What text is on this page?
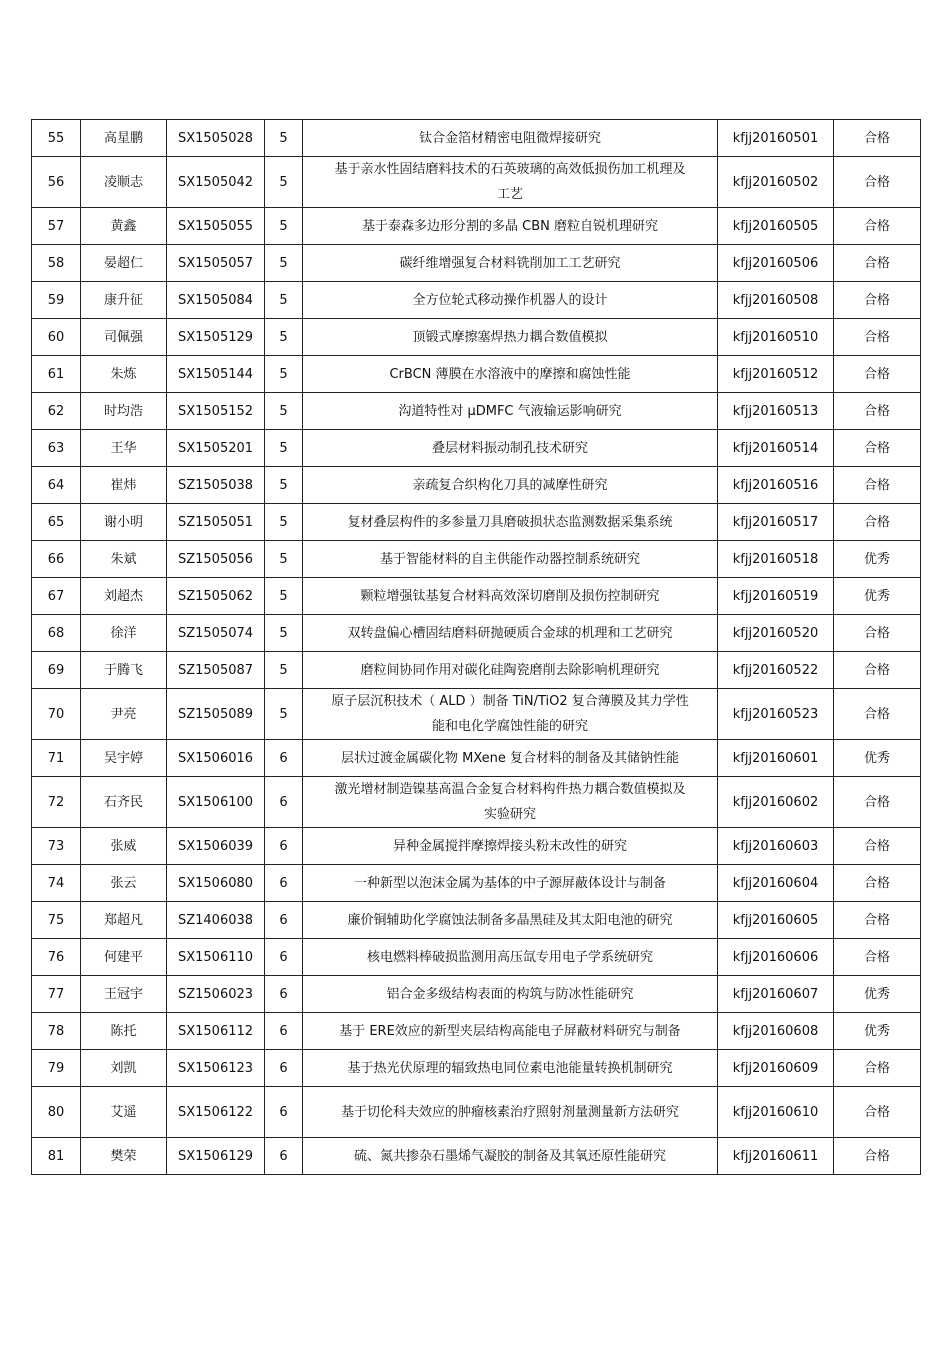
55	高星鹏	SX1505028	5	钛合金箔材精密电阻微焊接研究	kfjj20160501	合格
56	凌顺志	SX1505042	5	基于亲水性固结磨料技术的石英玻璃的高效低损伤加工机理及工艺	kfjj20160502	合格
57	黄鑫	SX1505055	5	基于泰森多边形分割的多晶 CBN 磨粒自锐机理研究	kfjj20160505	合格
58	晏超仁	SX1505057	5	碳纤维增强复合材料铣削加工工艺研究	kfjj20160506	合格
59	康升征	SX1505084	5	全方位轮式移动操作机器人的设计	kfjj20160508	合格
60	司佩强	SX1505129	5	顶锻式摩擦塞焊热力耦合数值模拟	kfjj20160510	合格
61	朱炼	SX1505144	5	CrBCN 薄膜在水溶液中的摩擦和腐蚀性能	kfjj20160512	合格
62	时均浩	SX1505152	5	沟道特性对 μDMFC 气液输运影响研究	kfjj20160513	合格
63	王华	SX1505201	5	叠层材料振动制孔技术研究	kfjj20160514	合格
64	崔炜	SZ1505038	5	亲疏复合织构化刀具的减摩性研究	kfjj20160516	合格
65	谢小明	SZ1505051	5	复材叠层构件的多参量刀具磨破损状态监测数据采集系统	kfjj20160517	合格
66	朱斌	SZ1505056	5	基于智能材料的自主供能作动器控制系统研究	kfjj20160518	优秀
67	刘超杰	SZ1505062	5	颗粒增强钛基复合材料高效深切磨削及损伤控制研究	kfjj20160519	优秀
68	徐洋	SZ1505074	5	双转盘偏心槽固结磨料研抛硬质合金球的机理和工艺研究	kfjj20160520	合格
69	于腾飞	SZ1505087	5	磨粒间协同作用对碳化硅陶瓷磨削去除影响机理研究	kfjj20160522	合格
70	尹亮	SZ1505089	5	原子层沉积技术（ ALD ）制备 TiN/TiO2 复合薄膜及其力学性能和电化学腐蚀性能的研究	kfjj20160523	合格
71	吴宇婷	SX1506016	6	层状过渡金属碳化物 MXene 复合材料的制备及其储钠性能	kfjj20160601	优秀
72	石齐民	SX1506100	6	激光增材制造镍基高温合金复合材料构件热力耦合数值模拟及实验研究	kfjj20160602	合格
73	张威	SX1506039	6	异种金属搅拌摩擦焊接头粉末改性的研究	kfjj20160603	合格
74	张云	SX1506080	6	一种新型以泡沫金属为基体的中子源屏蔽体设计与制备	kfjj20160604	合格
75	郑超凡	SZ1406038	6	廉价铜辅助化学腐蚀法制备多晶黑硅及其太阳电池的研究	kfjj20160605	合格
76	何建平	SX1506110	6	核电燃料棒破损监测用高压氙专用电子学系统研究	kfjj20160606	合格
77	王冠宇	SZ1506023	6	铝合金多级结构表面的构筑与防冰性能研究	kfjj20160607	优秀
78	陈托	SX1506112	6	基于 ERE效应的新型夹层结构高能电子屏蔽材料研究与制备	kfjj20160608	优秀
79	刘凯	SX1506123	6	基于热光伏原理的辐致热电同位素电池能量转换机制研究	kfjj20160609	合格
80	艾遥	SX1506122	6	基于切伦科夫效应的肿瘤核素治疗照射剂量测量新方法研究	kfjj20160610	合格
81	樊荣	SX1506129	6	硫、氮共掺杂石墨烯气凝胶的制备及其氧还原性能研究	kfjj20160611	合格
